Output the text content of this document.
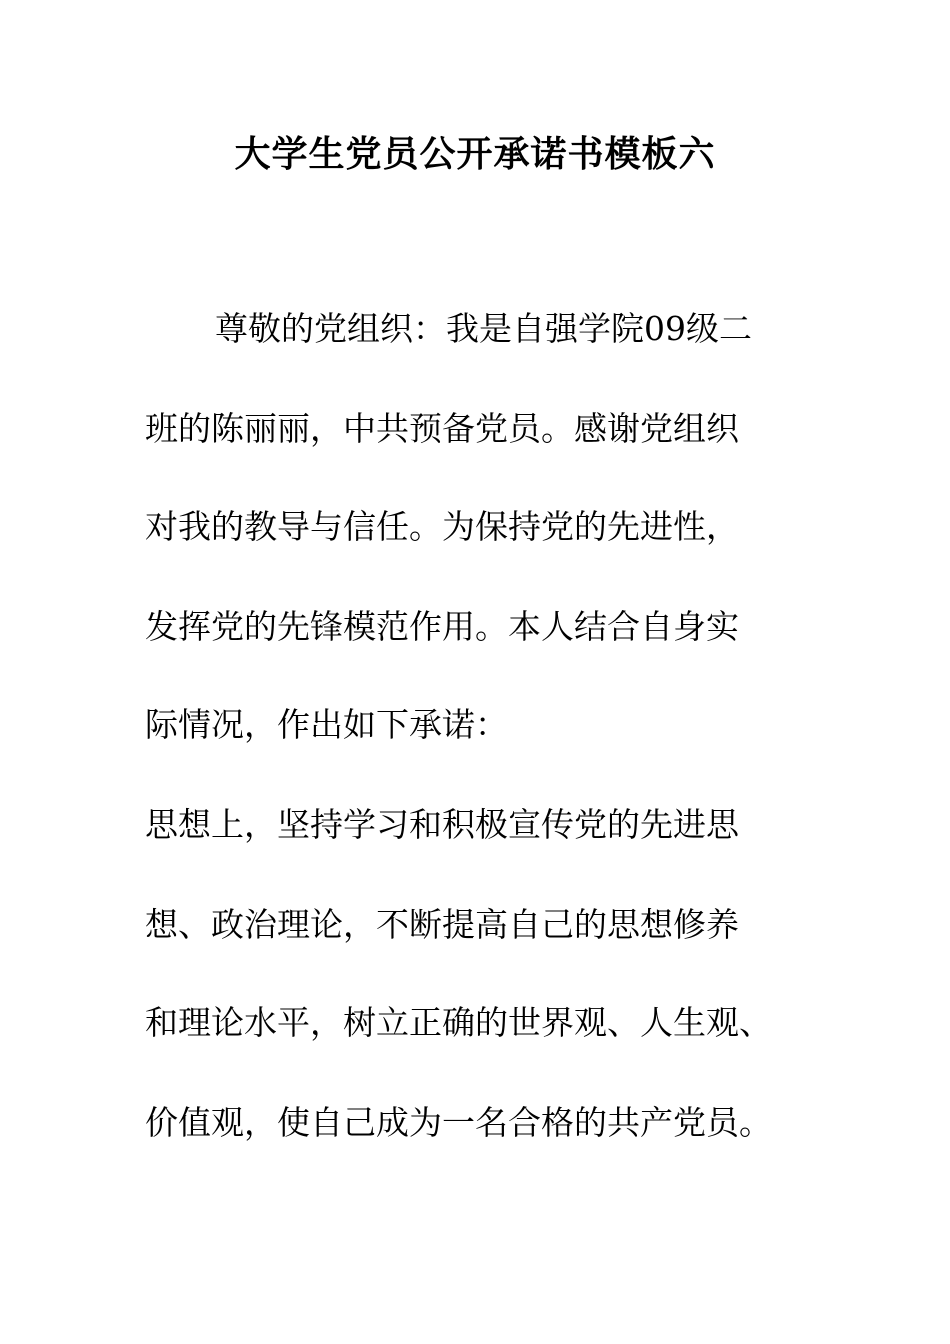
大学生党员公开承诺书模板六

尊敬的党组织：我是自强学院09级二

班的陈丽丽，中共预备党员。感谢党组织

对我的教导与信任。为保持党的先进性，

发挥党的先锋模范作用。本人结合自身实

际情况，作出如下承诺：

思想上，坚持学习和积极宣传党的先进思

想、政治理论，不断提高自己的思想修养

和理论水平，树立正确的世界观、人生观、

价值观，使自己成为一名合格的共产党员。
